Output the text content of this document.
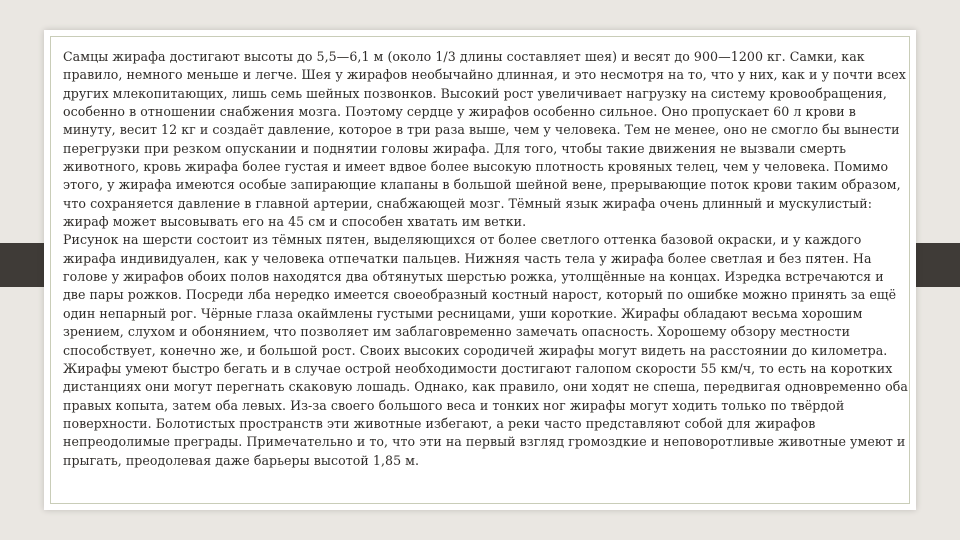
Самцы жирафа достигают высоты до 5,5—6,1 м (около 1/3 длины составляет шея) и весят до 900—1200 кг. Самки, как правило, немного меньше и легче. Шея у жирафов необычайно длинная, и это несмотря на то, что у них, как и у почти всех других млекопитающих, лишь семь шейных позвонков. Высокий рост увеличивает нагрузку на систему кровообращения, особенно в отношении снабжения мозга. Поэтому сердце у жирафов особенно сильное. Оно пропускает 60 л крови в минуту, весит 12 кг и создаёт давление, которое в три раза выше, чем у человека. Тем не менее, оно не смогло бы вынести перегрузки при резком опускании и поднятии головы жирафа. Для того, чтобы такие движения не вызвали смерть животного, кровь жирафа более густая и имеет вдвое более высокую плотность кровяных телец, чем у человека. Помимо этого, у жирафа имеются особые запирающие клапаны в большой шейной вене, прерывающие поток крови таким образом, что сохраняется давление в главной артерии, снабжающей мозг. Тёмный язык жирафа очень длинный и мускулистый: жираф может высовывать его на 45 см и способен хватать им ветки.

Рисунок на шерсти состоит из тёмных пятен, выделяющихся от более светлого оттенка базовой окраски, и у каждого жирафа индивидуален, как у человека отпечатки пальцев. Нижняя часть тела у жирафа более светлая и без пятен. На голове у жирафов обоих полов находятся два обтянутых шерстью рожка, утолщённые на концах. Изредка встречаются и две пары рожков. Посреди лба нередко имеется своеобразный костный нарост, который по ошибке можно принять за ещё один непарный рог. Чёрные глаза окаймлены густыми ресницами, уши короткие. Жирафы обладают весьма хорошим зрением, слухом и обонянием, что позволяет им заблаговременно замечать опасность. Хорошему обзору местности способствует, конечно же, и большой рост. Своих высоких сородичей жирафы могут видеть на расстоянии до километра.

Жирафы умеют быстро бегать и в случае острой необходимости достигают галопом скорости 55 км/ч, то есть на коротких дистанциях они могут перегнать скаковую лошадь. Однако, как правило, они ходят не спеша, передвигая одновременно оба правых копыта, затем оба левых. Из-за своего большого веса и тонких ног жирафы могут ходить только по твёрдой поверхности. Болотистых пространств эти животные избегают, а реки часто представляют собой для жирафов непреодолимые преграды. Примечательно и то, что эти на первый взгляд громоздкие и неповоротливые животные умеют и прыгать, преодолевая даже барьеры высотой 1,85 м.
